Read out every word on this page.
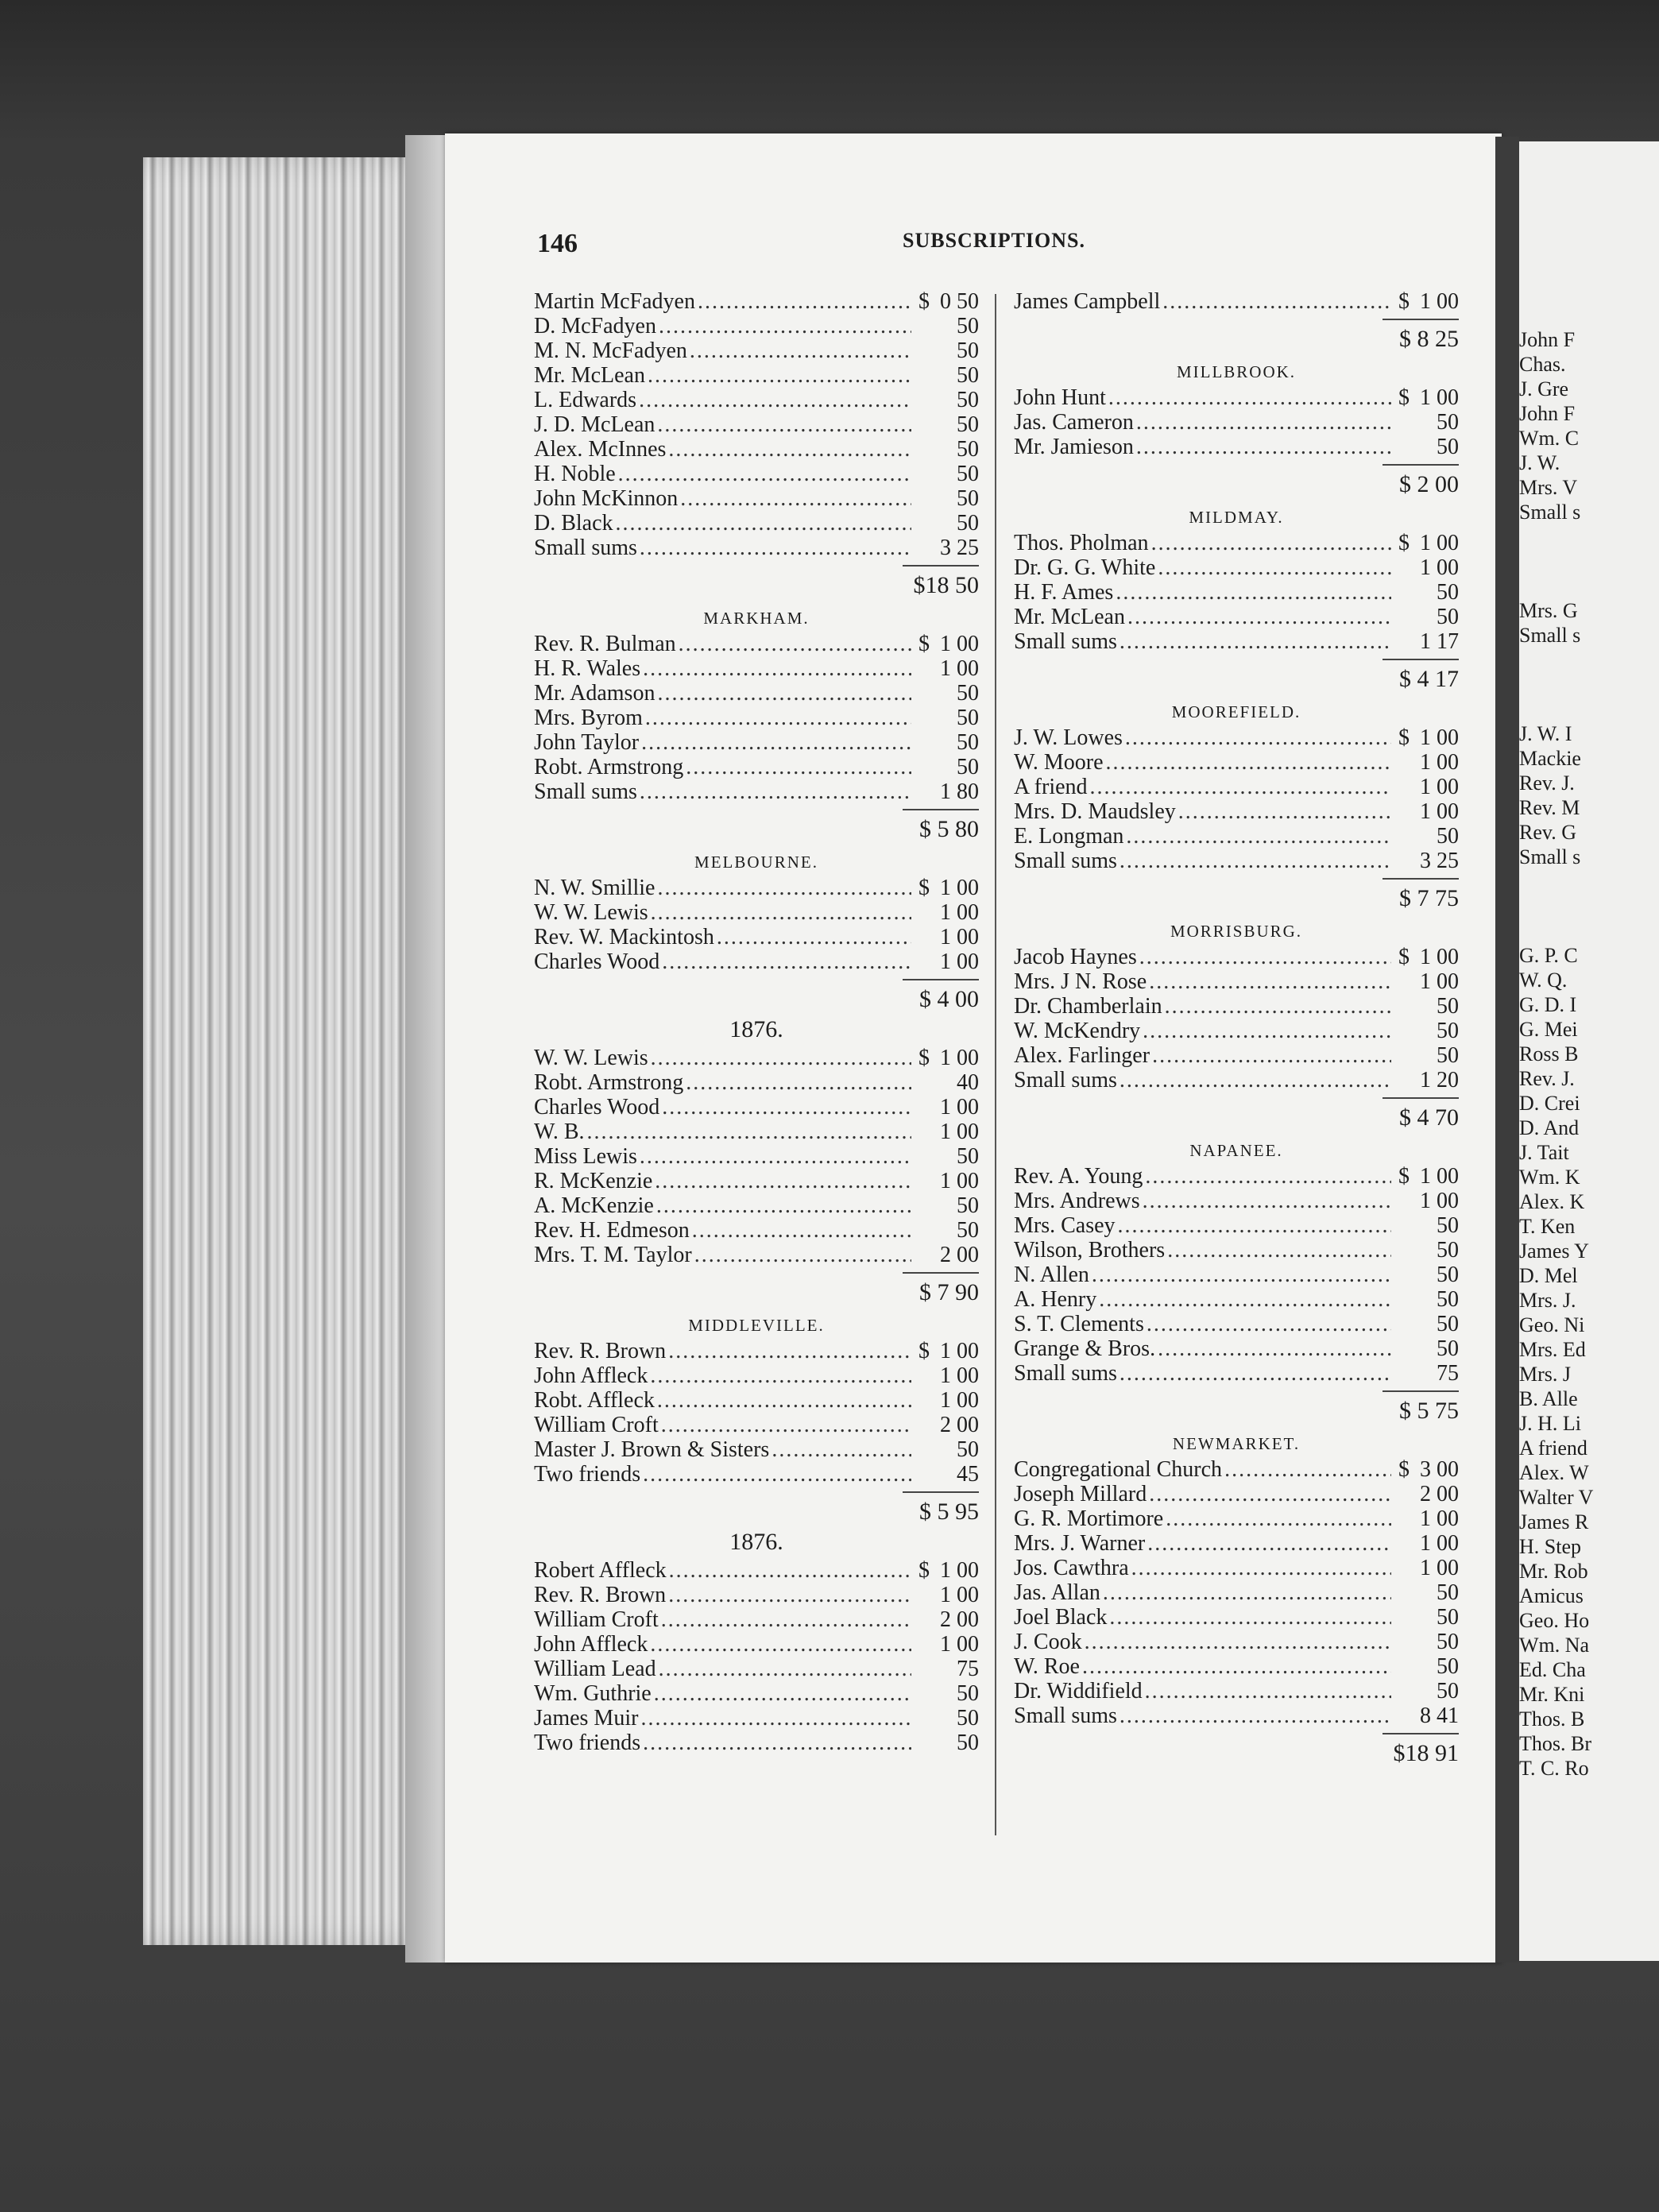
John F
Chas.
J. Gre
John F
Wm. C
J. W.
Mrs. V
Small s
Mrs. G
Small s
J. W. I
Mackie
Rev. J.
Rev. M
Rev. G
Small s
G. P. C
W. Q.
G. D. I
G. Mei
Ross B
Rev. J.
D. Crei
D. And
J. Tait
Wm. K
Alex. K
T. Ken
James Y
D. Mel
Mrs. J.
Geo. Ni
Mrs. Ed
Mrs. J
B. Alle
J. H. Li
A friend
Alex. W
Walter V
James R
H. Step
Mr. Rob
Amicus
Geo. Ho
Wm. Na
Ed. Cha
Mr. Kni
Thos. B
Thos. Br
T. C. Ro
146	SUBSCRIPTIONS.
Martin McFadyen .....	$ 0 50
D. McFadyen .....	50
M. N. McFadyen .....	50
Mr. McLean .....	50
L. Edwards .....	50
J. D. McLean .....	50
Alex. McInnes .....	50
H. Noble .....	50
John McKinnon .....	50
D. Black .....	50
Small sums .....	3 25
$18 50
MARKHAM.
Rev. R. Bulman .....	$ 1 00
H. R. Wales .....	1 00
Mr. Adamson .....	50
Mrs. Byrom .....	50
John Taylor .....	50
Robt. Armstrong .....	50
Small sums .....	1 80
$ 5 80
MELBOURNE.
N. W. Smillie .....	$ 1 00
W. W. Lewis .....	1 00
Rev. W. Mackintosh .....	1 00
Charles Wood .....	1 00
$ 4 00
1876.
W. W. Lewis .....	$ 1 00
Robt. Armstrong .....	40
Charles Wood .....	1 00
W. B. .....	1 00
Miss Lewis .....	50
R. McKenzie .....	1 00
A. McKenzie .....	50
Rev. H. Edmeson .....	50
Mrs. T. M. Taylor .....	2 00
$ 7 90
MIDDLEVILLE.
Rev. R. Brown .....	$ 1 00
John Affleck .....	1 00
Robt. Affleck .....	1 00
William Croft .....	2 00
Master J. Brown & Sisters .....	50
Two friends .....	45
$ 5 95
1876.
Robert Affleck .....	$ 1 00
Rev. R. Brown .....	1 00
William Croft .....	2 00
John Affleck .....	1 00
William Lead .....	75
Wm. Guthrie .....	50
James Muir .....	50
Two friends .....	50
James Campbell .....	$ 1 00
$ 8 25
MILLBROOK.
John Hunt .....	$ 1 00
Jas. Cameron .....	50
Mr. Jamieson .....	50
$ 2 00
MILDMAY.
Thos. Pholman .....	$ 1 00
Dr. G. G. White .....	1 00
H. F. Ames .....	50
Mr. McLean .....	50
Small sums .....	1 17
$ 4 17
MOOREFIELD.
J. W. Lowes .....	$ 1 00
W. Moore .....	1 00
A friend .....	1 00
Mrs. D. Maudsley .....	1 00
E. Longman .....	50
Small sums .....	3 25
$ 7 75
MORRISBURG.
Jacob Haynes .....	$ 1 00
Mrs. J N. Rose .....	1 00
Dr. Chamberlain .....	50
W. McKendry .....	50
Alex. Farlinger .....	50
Small sums .....	1 20
$ 4 70
NAPANEE.
Rev. A. Young .....	$ 1 00
Mrs. Andrews .....	1 00
Mrs. Casey .....	50
Wilson, Brothers .....	50
N. Allen .....	50
A. Henry .....	50
S. T. Clements .....	50
Grange & Bros. .....	50
Small sums .....	75
$ 5 75
NEWMARKET.
Congregational Church .....	$ 3 00
Joseph Millard .....	2 00
G. R. Mortimore .....	1 00
Mrs. J. Warner .....	1 00
Jos. Cawthra .....	1 00
Jas. Allan .....	50
Joel Black .....	50
J. Cook .....	50
W. Roe .....	50
Dr. Widdifield .....	50
Small sums .....	8 41
$18 91
